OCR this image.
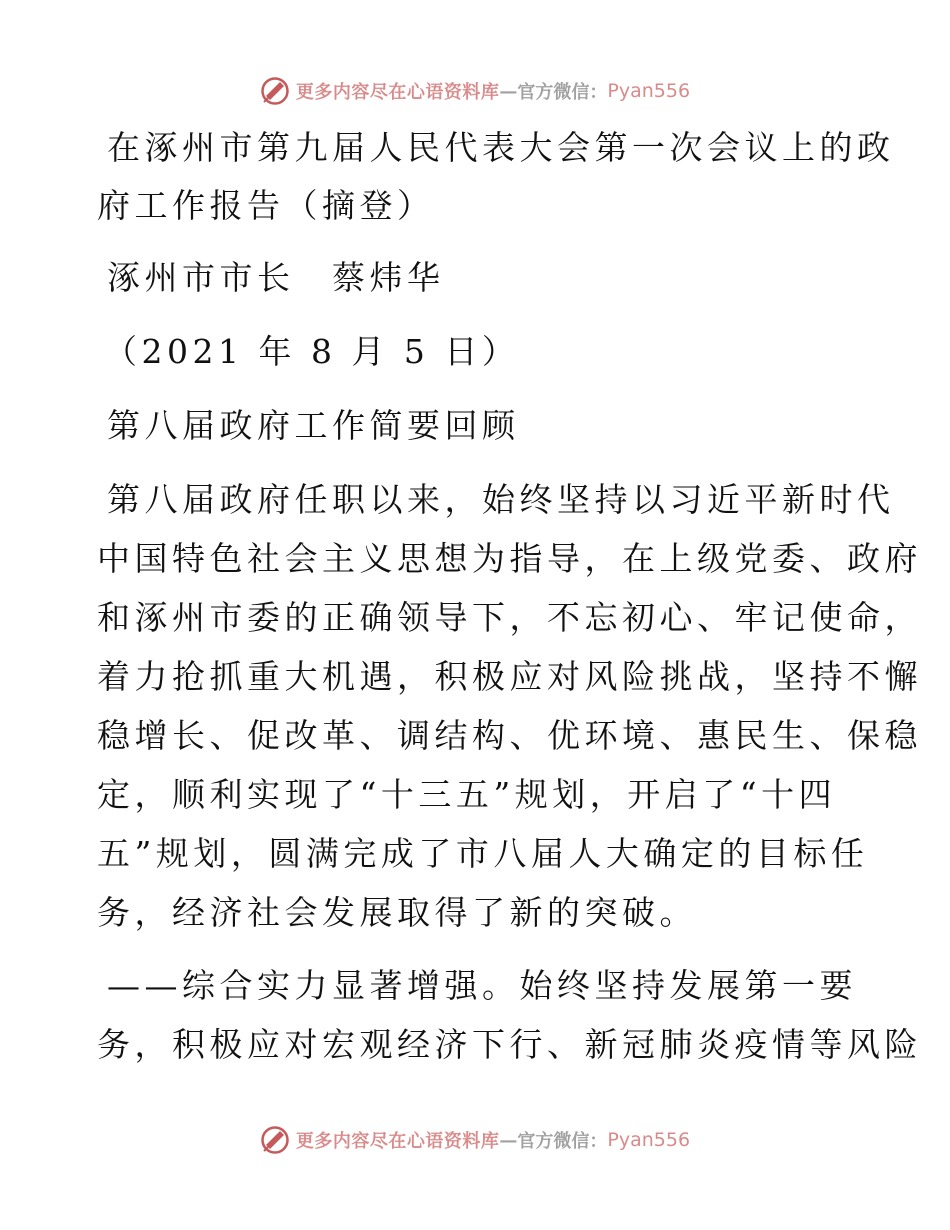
更多内容尽在心语资料库 — 官方微信： Pyan556
在涿州市第九届人民代表大会第一次会议上的政
府工作报告（摘登）
涿州市市长　蔡炜华
（2021 年 8 月 5 日）
第八届政府工作简要回顾
第八届政府任职以来，始终坚持以习近平新时代
中国特色社会主义思想为指导，在上级党委、政府
和涿州市委的正确领导下，不忘初心、牢记使命，
着力抢抓重大机遇，积极应对风险挑战，坚持不懈
稳增长、促改革、调结构、优环境、惠民生、保稳
定，顺利实现了“十三五”规划，开启了“十四
五”规划，圆满完成了市八届人大确定的目标任
务，经济社会发展取得了新的突破。
——综合实力显著增强。始终坚持发展第一要
务，积极应对宏观经济下行、新冠肺炎疫情等风险
更多内容尽在心语资料库 — 官方微信： Pyan556
